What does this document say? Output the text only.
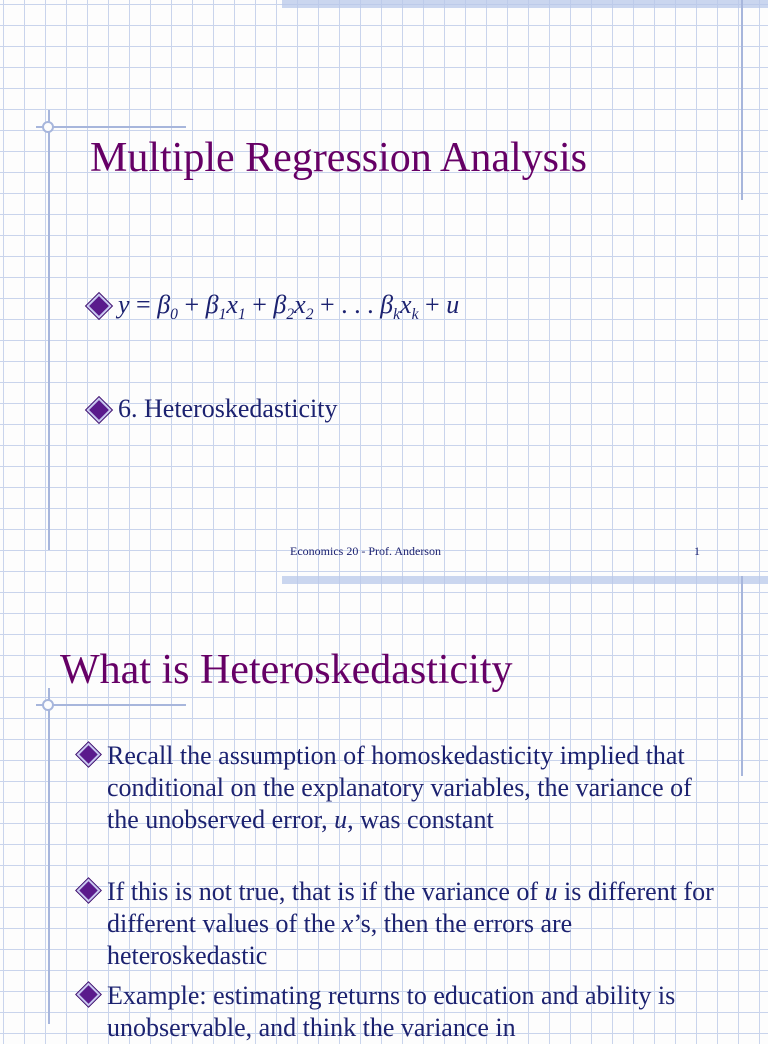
Multiple Regression Analysis
$y = \beta_0 + \beta_1x_1 + \beta_2x_2$ + . . . $\beta_kx_k + u$
6. Heteroskedasticity
Economics 20 - Prof. Anderson	1
What is Heteroskedasticity
Recall the assumption of homoskedasticity implied that conditional on the explanatory variables, the variance of the unobserved error, u, was constant
If this is not true, that is if the variance of u is different for different values of the x’s, then the errors are heteroskedastic
Example: estimating returns to education and ability is unobservable, and think the variance in
